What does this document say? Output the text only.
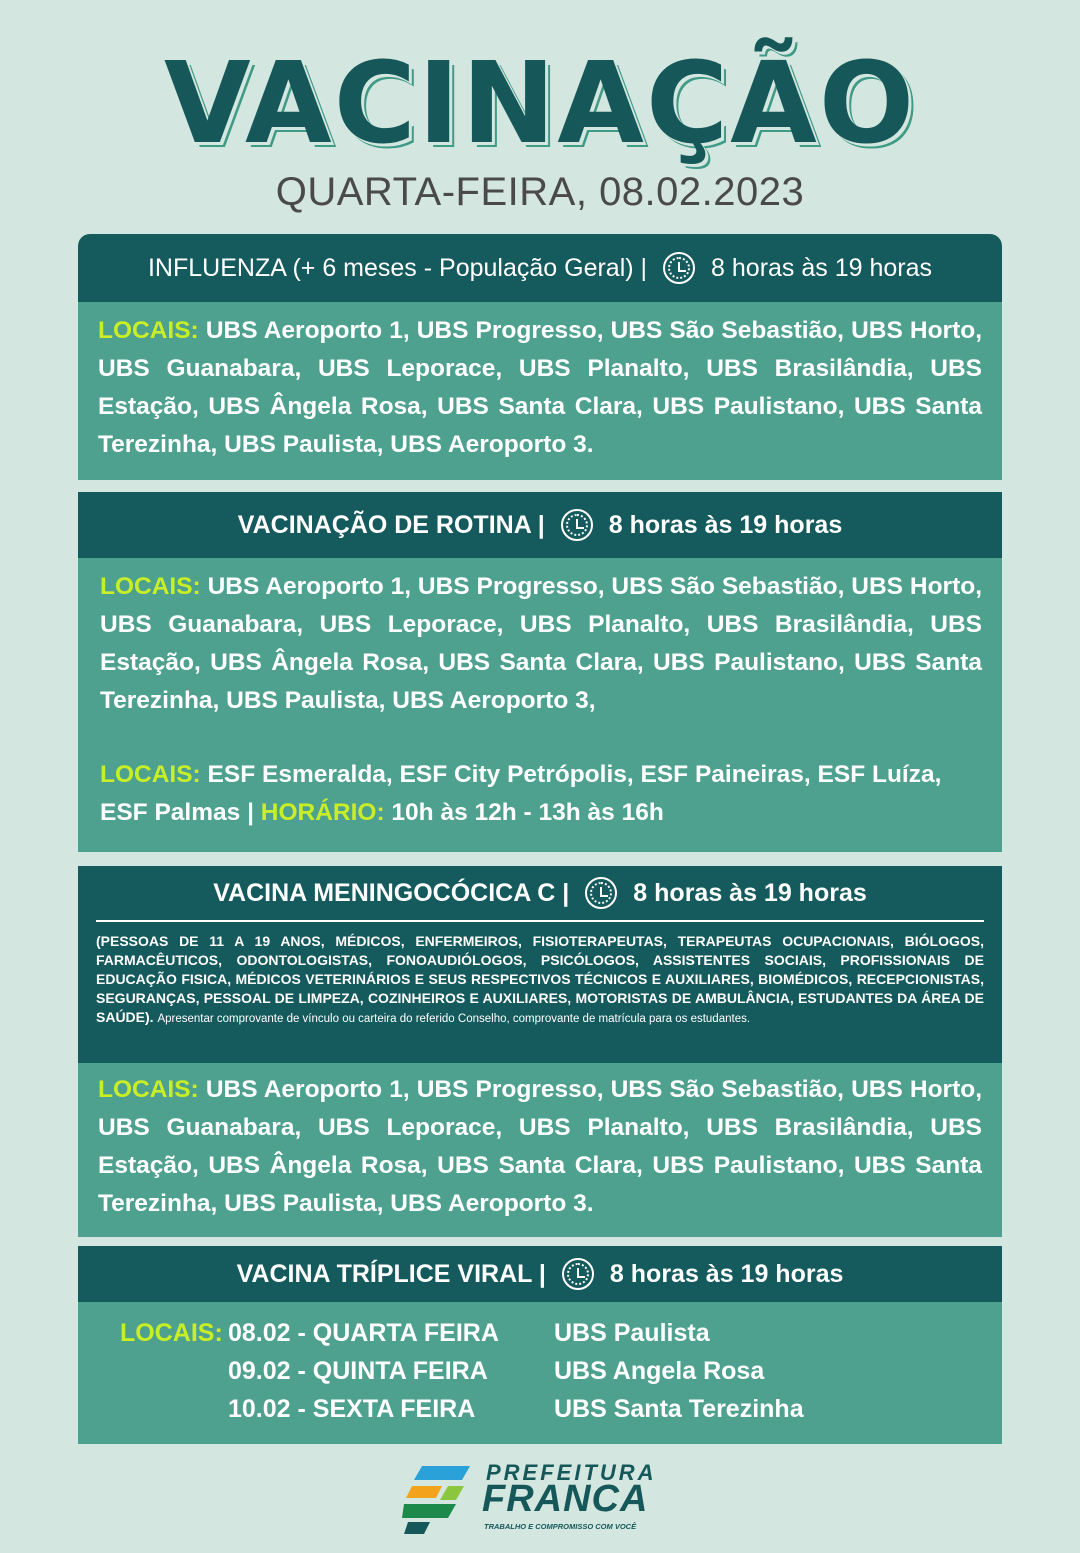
VACINAÇÃO
QUARTA-FEIRA, 08.02.2023
INFLUENZA (+ 6 meses - População Geral) |	8 horas às 19 horas
LOCAIS: UBS Aeroporto 1, UBS Progresso, UBS São Sebastião, UBS Horto, UBS Guanabara, UBS Leporace, UBS Planalto, UBS Brasilândia, UBS Estação, UBS Ângela Rosa, UBS Santa Clara, UBS Paulistano, UBS Santa Terezinha, UBS Paulista, UBS Aeroporto 3.
VACINAÇÃO DE ROTINA |	8 horas às 19 horas
LOCAIS: UBS Aeroporto 1, UBS Progresso, UBS São Sebastião, UBS Horto, UBS Guanabara, UBS Leporace, UBS Planalto, UBS Brasilândia, UBS Estação, UBS Ângela Rosa, UBS Santa Clara, UBS Paulistano, UBS Santa Terezinha, UBS Paulista, UBS Aeroporto 3,
LOCAIS: ESF Esmeralda, ESF City Petrópolis, ESF Paineiras, ESF Luíza, ESF Palmas | HORÁRIO: 10h às 12h - 13h às 16h
VACINA MENINGOCÓCICA C |	8 horas às 19 horas
(PESSOAS DE 11 A 19 ANOS, MÉDICOS, ENFERMEIROS, FISIOTERAPEUTAS, TERAPEUTAS OCUPACIONAIS, BIÓLOGOS, FARMACÊUTICOS, ODONTOLOGISTAS, FONOAUDIÓLOGOS, PSICÓLOGOS, ASSISTENTES SOCIAIS, PROFISSIONAIS DE EDUCAÇÃO FISICA, MÉDICOS VETERINÁRIOS E SEUS RESPECTIVOS TÉCNICOS E AUXILIARES, BIOMÉDICOS, RECEPCIONISTAS, SEGURANÇAS, PESSOAL DE LIMPEZA, COZINHEIROS E AUXILIARES, MOTORISTAS DE AMBULÂNCIA, ESTUDANTES DA ÁREA DE SAÚDE). Apresentar comprovante de vínculo ou carteira do referido Conselho, comprovante de matrícula para os estudantes.
LOCAIS: UBS Aeroporto 1, UBS Progresso, UBS São Sebastião, UBS Horto, UBS Guanabara, UBS Leporace, UBS Planalto, UBS Brasilândia, UBS Estação, UBS Ângela Rosa, UBS Santa Clara, UBS Paulistano, UBS Santa Terezinha, UBS Paulista, UBS Aeroporto 3.
VACINA TRÍPLICE VIRAL |	8 horas às 19 horas
LOCAIS: 08.02 - QUARTA FEIRA	UBS Paulista
09.02 - QUINTA FEIRA	UBS Angela Rosa
10.02 - SEXTA FEIRA	UBS Santa Terezinha
PREFEITURA
FRANCA
TRABALHO E COMPROMISSO COM VOCÊ
